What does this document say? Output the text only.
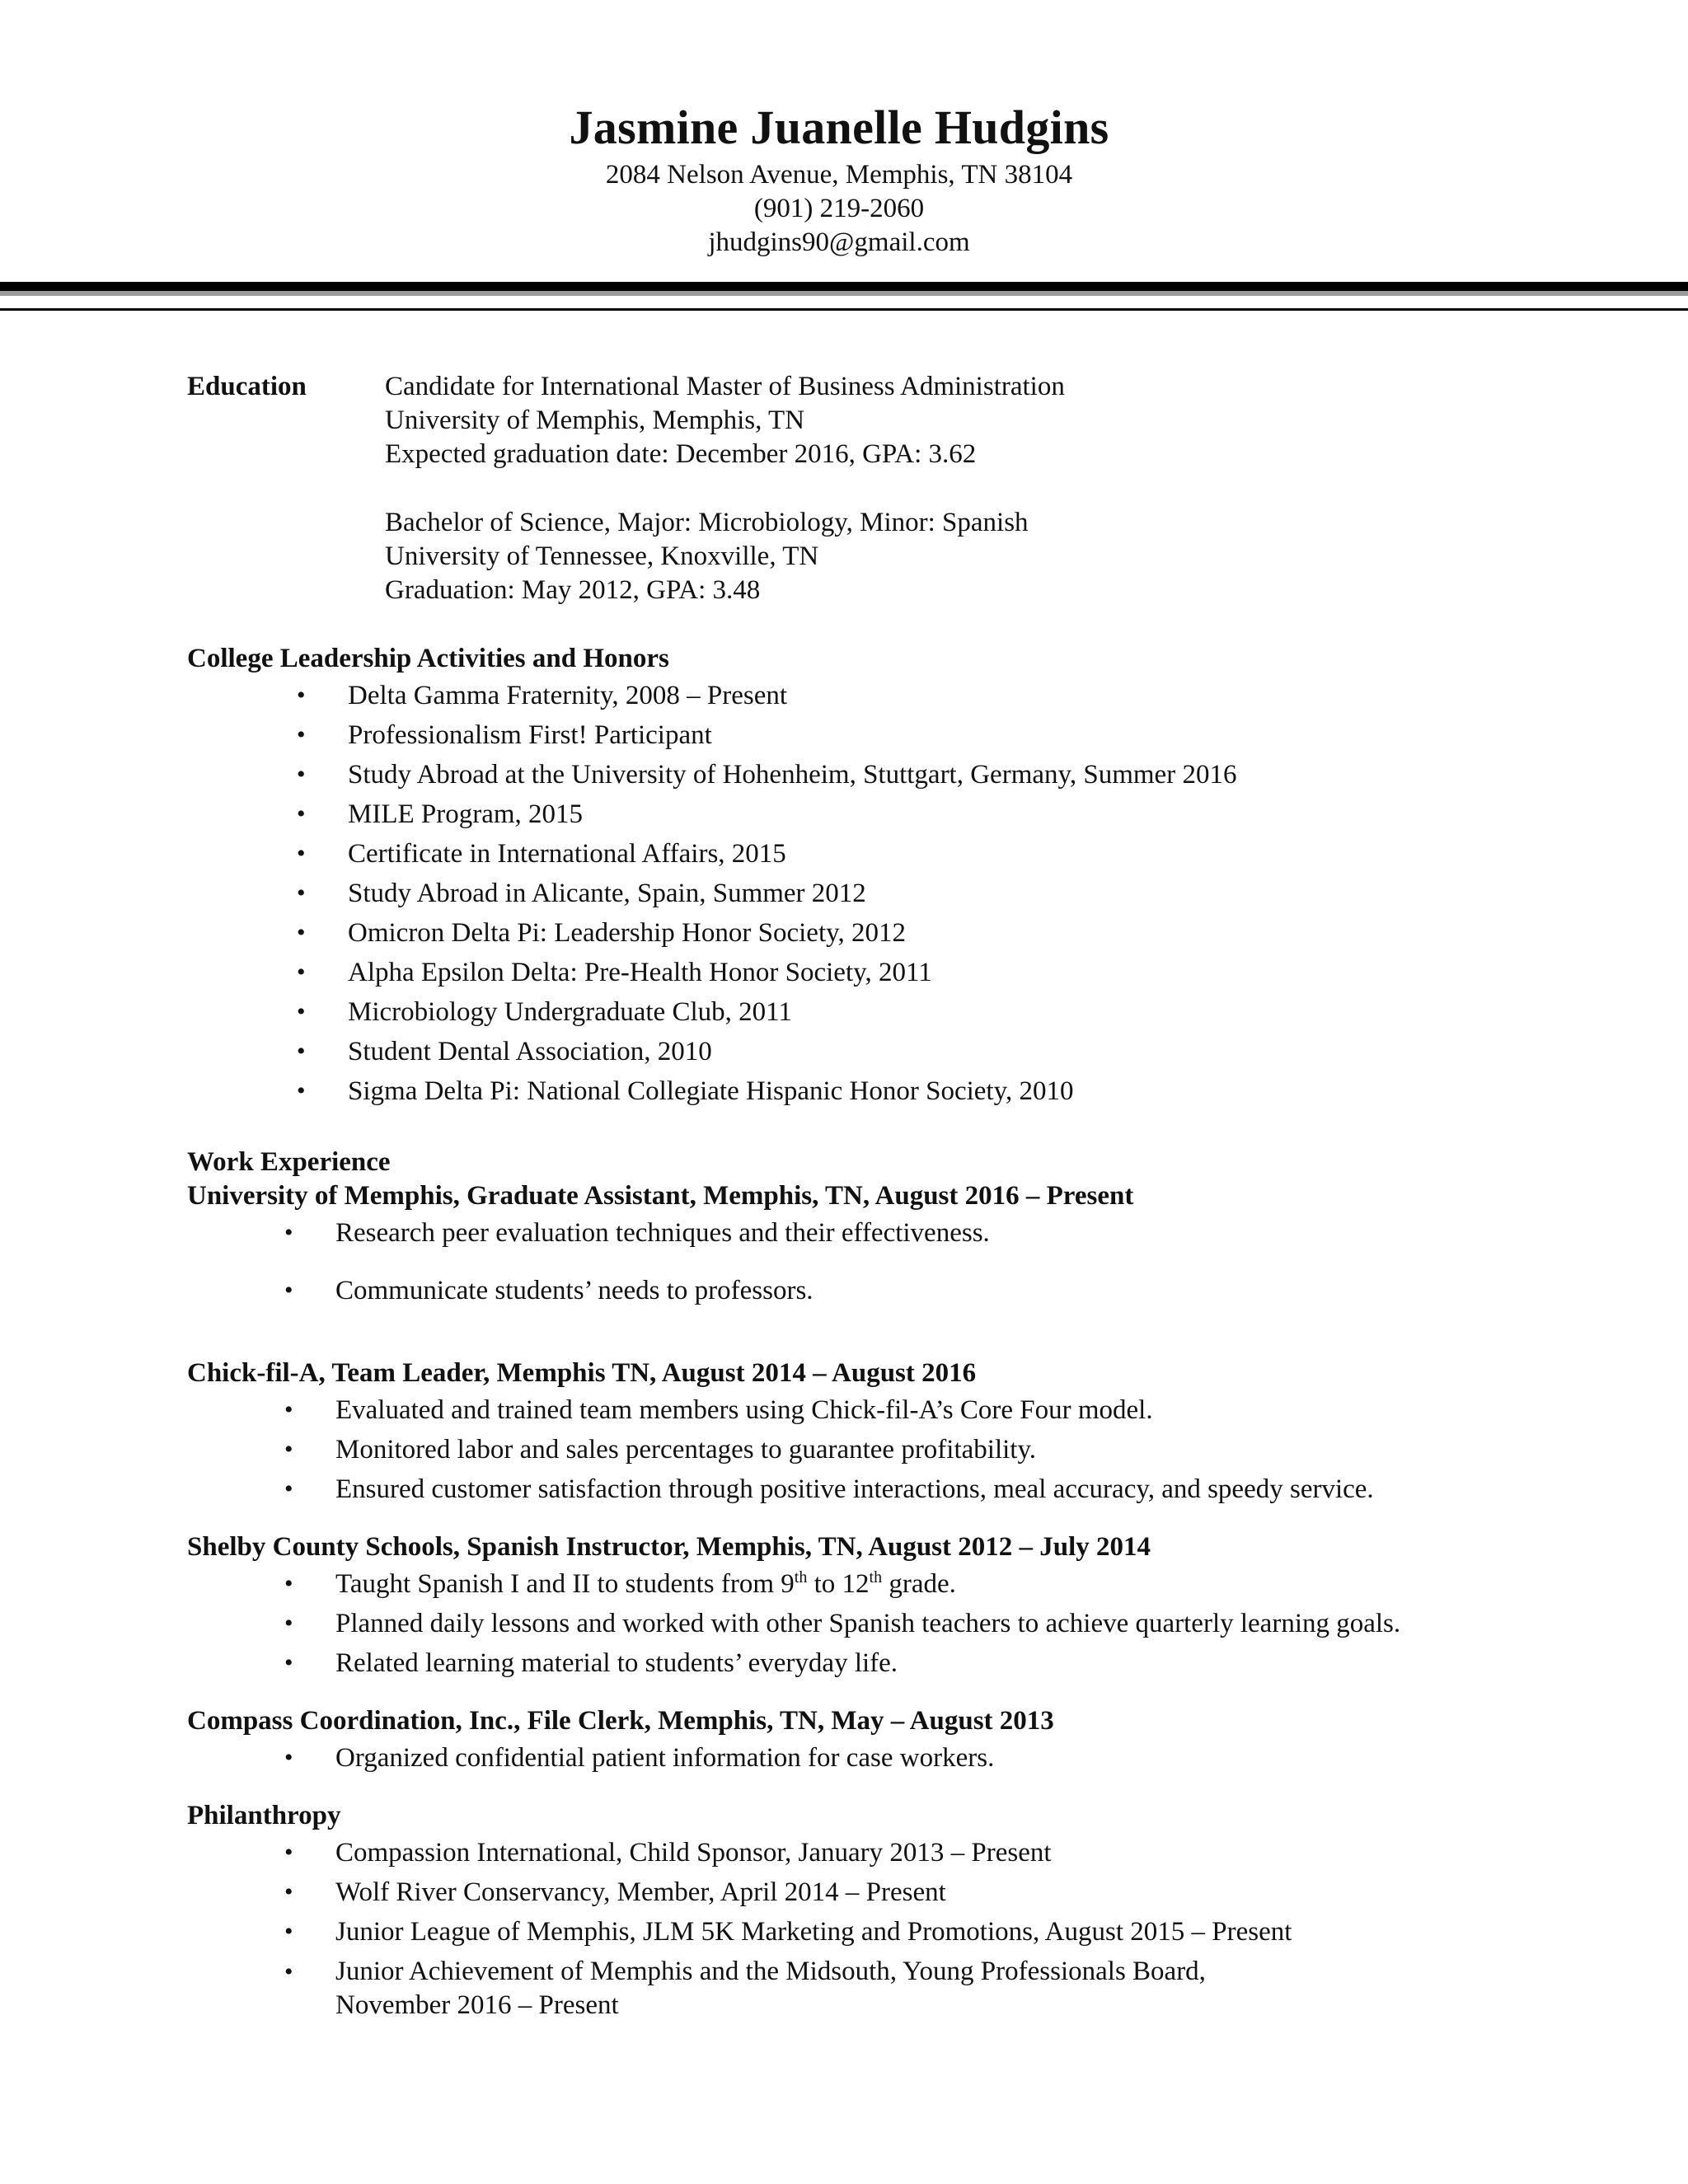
Jasmine Juanelle Hudgins
2084 Nelson Avenue, Memphis, TN 38104
(901) 219-2060
jhudgins90@gmail.com
Education	Candidate for International Master of Business Administration
University of Memphis, Memphis, TN
Expected graduation date: December 2016, GPA: 3.62
Bachelor of Science, Major: Microbiology, Minor: Spanish
University of Tennessee, Knoxville, TN
Graduation: May 2012, GPA: 3.48
College Leadership Activities and Honors
• Delta Gamma Fraternity, 2008 – Present
• Professionalism First! Participant
• Study Abroad at the University of Hohenheim, Stuttgart, Germany, Summer 2016
• MILE Program, 2015
• Certificate in International Affairs, 2015
• Study Abroad in Alicante, Spain, Summer 2012
• Omicron Delta Pi: Leadership Honor Society, 2012
• Alpha Epsilon Delta: Pre-Health Honor Society, 2011
• Microbiology Undergraduate Club, 2011
• Student Dental Association, 2010
• Sigma Delta Pi: National Collegiate Hispanic Honor Society, 2010
Work Experience
University of Memphis, Graduate Assistant, Memphis, TN, August 2016 – Present
• Research peer evaluation techniques and their effectiveness.
• Communicate students’ needs to professors.
Chick-fil-A, Team Leader, Memphis TN, August 2014 – August 2016
• Evaluated and trained team members using Chick-fil-A’s Core Four model.
• Monitored labor and sales percentages to guarantee profitability.
• Ensured customer satisfaction through positive interactions, meal accuracy, and speedy service.
Shelby County Schools, Spanish Instructor, Memphis, TN, August 2012 – July 2014
• Taught Spanish I and II to students from 9th to 12th grade.
• Planned daily lessons and worked with other Spanish teachers to achieve quarterly learning goals.
• Related learning material to students’ everyday life.
Compass Coordination, Inc., File Clerk, Memphis, TN, May – August 2013
• Organized confidential patient information for case workers.
Philanthropy
• Compassion International, Child Sponsor, January 2013 – Present
• Wolf River Conservancy, Member, April 2014 – Present
• Junior League of Memphis, JLM 5K Marketing and Promotions, August 2015 – Present
• Junior Achievement of Memphis and the Midsouth, Young Professionals Board, November 2016 – Present
